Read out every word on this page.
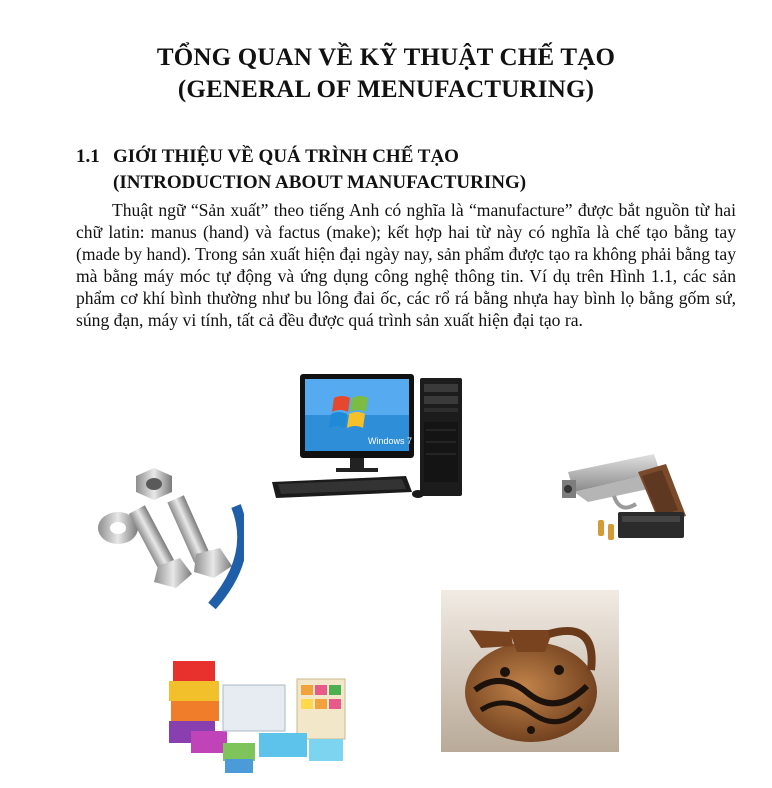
TỔNG QUAN VỀ KỸ THUẬT CHẾ TẠO
(GENERAL OF MENUFACTURING)
1.1 GIỚI THIỆU VỀ QUÁ TRÌNH CHẾ TẠO
(INTRODUCTION ABOUT MANUFACTURING)
Thuật ngữ “Sản xuất” theo tiếng Anh có nghĩa là “manufacture” được bắt nguồn từ hai chữ latin: manus (hand) và factus (make); kết hợp hai từ này có nghĩa là chế tạo bằng tay (made by hand). Trong sản xuất hiện đại ngày nay, sản phẩm được tạo ra không phải bằng tay mà bằng máy móc tự động và ứng dụng công nghệ thông tin. Ví dụ trên Hình 1.1, các sản phẩm cơ khí bình thường như bu lông đai ốc, các rổ rá bằng nhựa hay bình lọ bằng gốm sứ, súng đạn, máy vi tính, tất cả đều được quá trình sản xuất hiện đại tạo ra.
Windows 7
